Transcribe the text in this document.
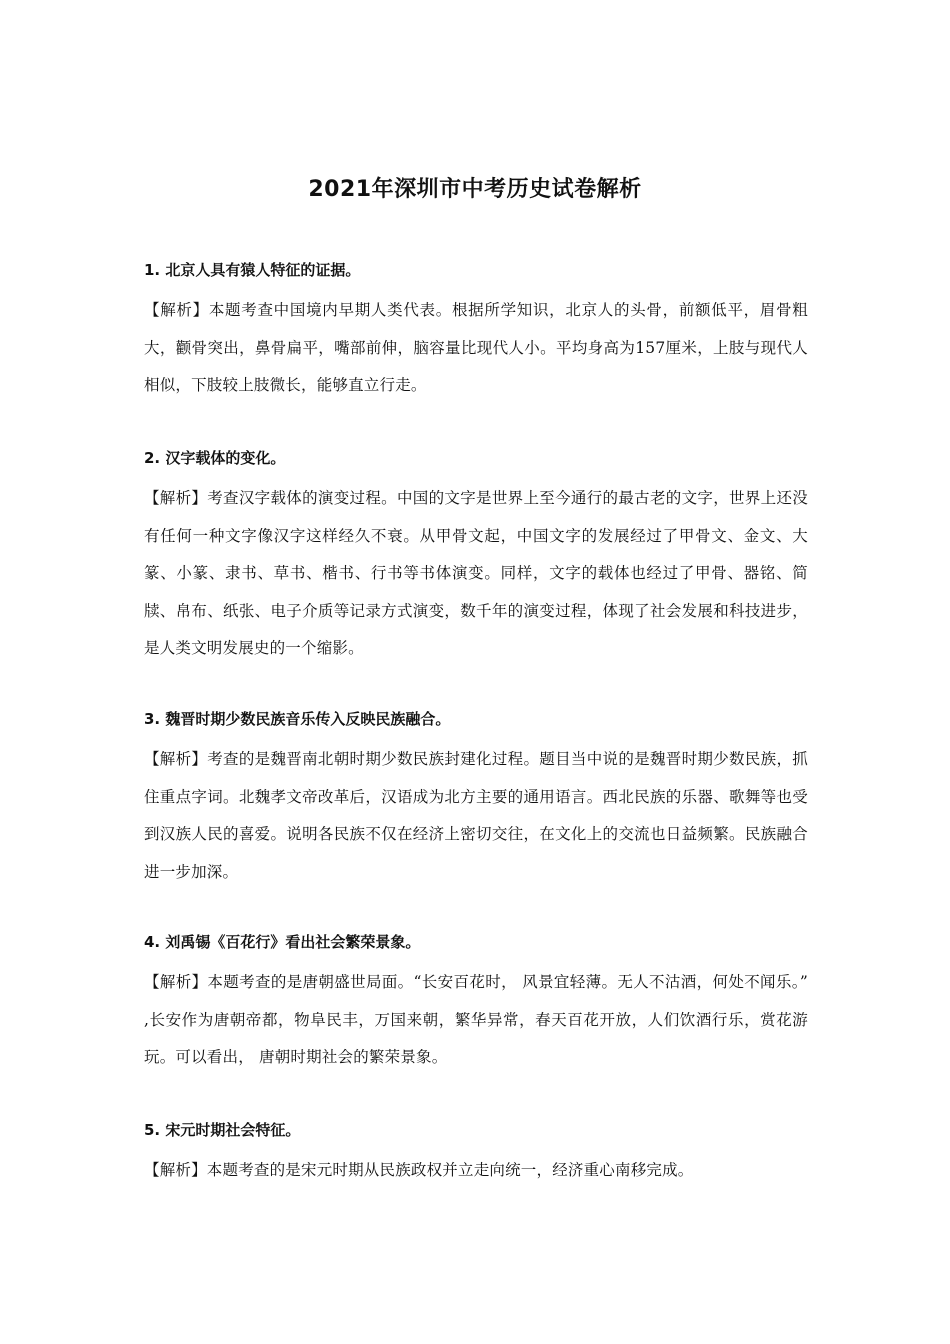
2021年深圳市中考历史试卷解析

1. 北京人具有猿人特征的证据。

【解析】本题考查中国境内早期人类代表。根据所学知识，北京人的头骨，前额低平，眉骨粗大，颧骨突出，鼻骨扁平，嘴部前伸，脑容量比现代人小。平均身高为157厘米，上肢与现代人相似，下肢较上肢微长，能够直立行走。

2. 汉字载体的变化。

【解析】考查汉字载体的演变过程。中国的文字是世界上至今通行的最古老的文字，世界上还没有任何一种文字像汉字这样经久不衰。从甲骨文起，中国文字的发展经过了甲骨文、金文、大篆、小篆、隶书、草书、楷书、行书等书体演变。同样，文字的载体也经过了甲骨、器铭、简牍、帛布、纸张、电子介质等记录方式演变，数千年的演变过程，体现了社会发展和科技进步，是人类文明发展史的一个缩影。

3. 魏晋时期少数民族音乐传入反映民族融合。

【解析】考查的是魏晋南北朝时期少数民族封建化过程。题目当中说的是魏晋时期少数民族，抓住重点字词。北魏孝文帝改革后，汉语成为北方主要的通用语言。西北民族的乐器、歌舞等也受到汉族人民的喜爱。说明各民族不仅在经济上密切交往，在文化上的交流也日益频繁。民族融合进一步加深。

4. 刘禹锡《百花行》看出社会繁荣景象。

【解析】本题考查的是唐朝盛世局面。“长安百花时， 风景宜轻薄。无人不沽酒，何处不闻乐。” ,长安作为唐朝帝都，物阜民丰，万国来朝，繁华异常，春天百花开放，人们饮酒行乐，赏花游玩。可以看出， 唐朝时期社会的繁荣景象。

5. 宋元时期社会特征。

【解析】本题考查的是宋元时期从民族政权并立走向统一，经济重心南移完成。
